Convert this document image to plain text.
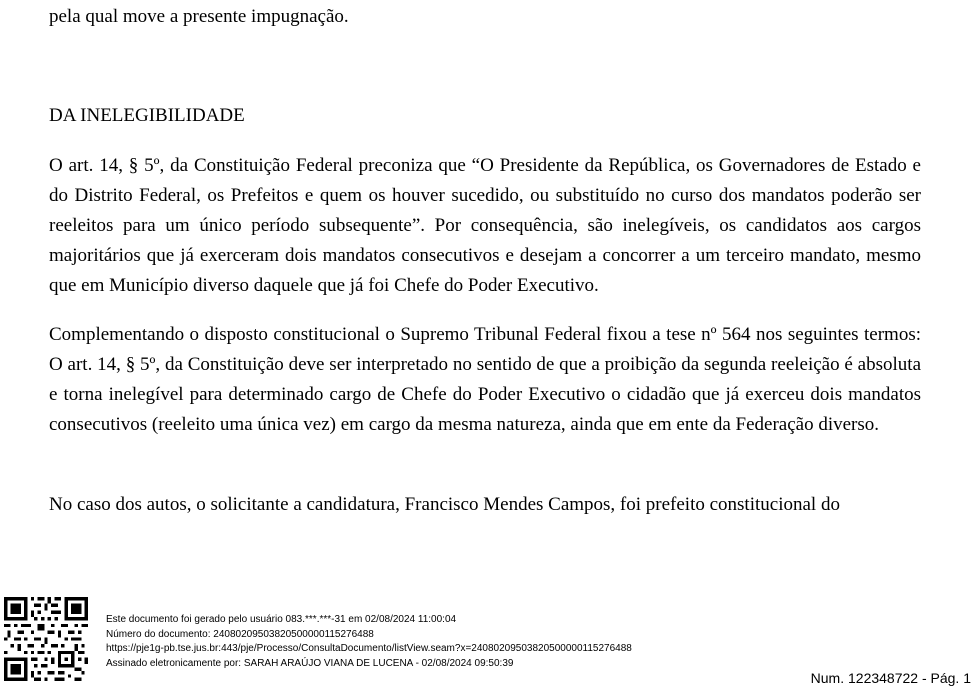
pela qual move a presente impugnação.

DA INELEGIBILIDADE

O art. 14, § 5º, da Constituição Federal preconiza que “O Presidente da República, os Governadores de Estado e do Distrito Federal, os Prefeitos e quem os houver sucedido, ou substituído no curso dos mandatos poderão ser reeleitos para um único período subsequente”. Por consequência, são inelegíveis, os candidatos aos cargos majoritários que já exerceram dois mandatos consecutivos e desejam a concorrer a um terceiro mandato, mesmo que em Município diverso daquele que já foi Chefe do Poder Executivo.

Complementando o disposto constitucional o Supremo Tribunal Federal fixou a tese nº 564 nos seguintes termos: O art. 14, § 5º, da Constituição deve ser interpretado no sentido de que a proibição da segunda reeleição é absoluta e torna inelegível para determinado cargo de Chefe do Poder Executivo o cidadão que já exerceu dois mandatos consecutivos (reeleito uma única vez) em cargo da mesma natureza, ainda que em ente da Federação diverso.

No caso dos autos, o solicitante a candidatura, Francisco Mendes Campos, foi prefeito constitucional do

Este documento foi gerado pelo usuário 083.***.***-31 em 02/08/2024 11:00:04
Número do documento: 24080209503820500000115276488
https://pje1g-pb.tse.jus.br:443/pje/Processo/ConsultaDocumento/listView.seam?x=24080209503820500000115276488
Assinado eletronicamente por: SARAH ARAÚJO VIANA DE LUCENA - 02/08/2024 09:50:39
Num. 122348722 - Pág. 1
